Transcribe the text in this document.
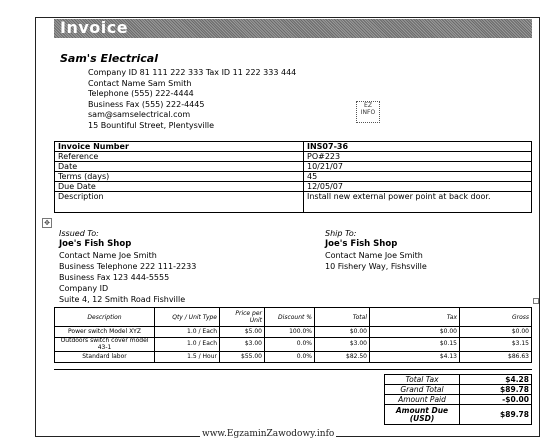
Invoice
Sam's Electrical
Company ID 81 111 222 333 Tax ID 11 222 333 444
Contact Name Sam Smith
Telephone (555) 222-4444
Business Fax (555) 222-4445
sam@samselectrical.com
15 Bountiful Street, Plentysville
EZ INFO
Invoice Number	INS07-36
Reference	PO#223
Date	10/21/07
Terms (days)	45
Due Date	12/05/07
Description	Install new external power point at back door.
✥
Issued To:
Joe's Fish Shop
Contact Name Joe Smith
Business Telephone 222 111-2233
Business Fax 123 444-5555
Company ID
Suite 4, 12 Smith Road Fishville
Ship To:
Joe's Fish Shop
Contact Name Joe Smith
10 Fishery Way, Fishsville
Description	Qty / Unit Type	Price per Unit	Discount %	Total	Tax	Gross
Power switch Model XYZ	1.0 / Each	$5.00	100.0%	$0.00	$0.00	$0.00
Outdoors switch cover model 43-1	1.0 / Each	$3.00	0.0%	$3.00	$0.15	$3.15
Standard labor	1.5 / Hour	$55.00	0.0%	$82.50	$4.13	$86.63
Total Tax	$4.28
Grand Total	$89.78
Amount Paid	-$0.00
Amount Due (USD)	$89.78
www.EgzaminZawodowy.info
